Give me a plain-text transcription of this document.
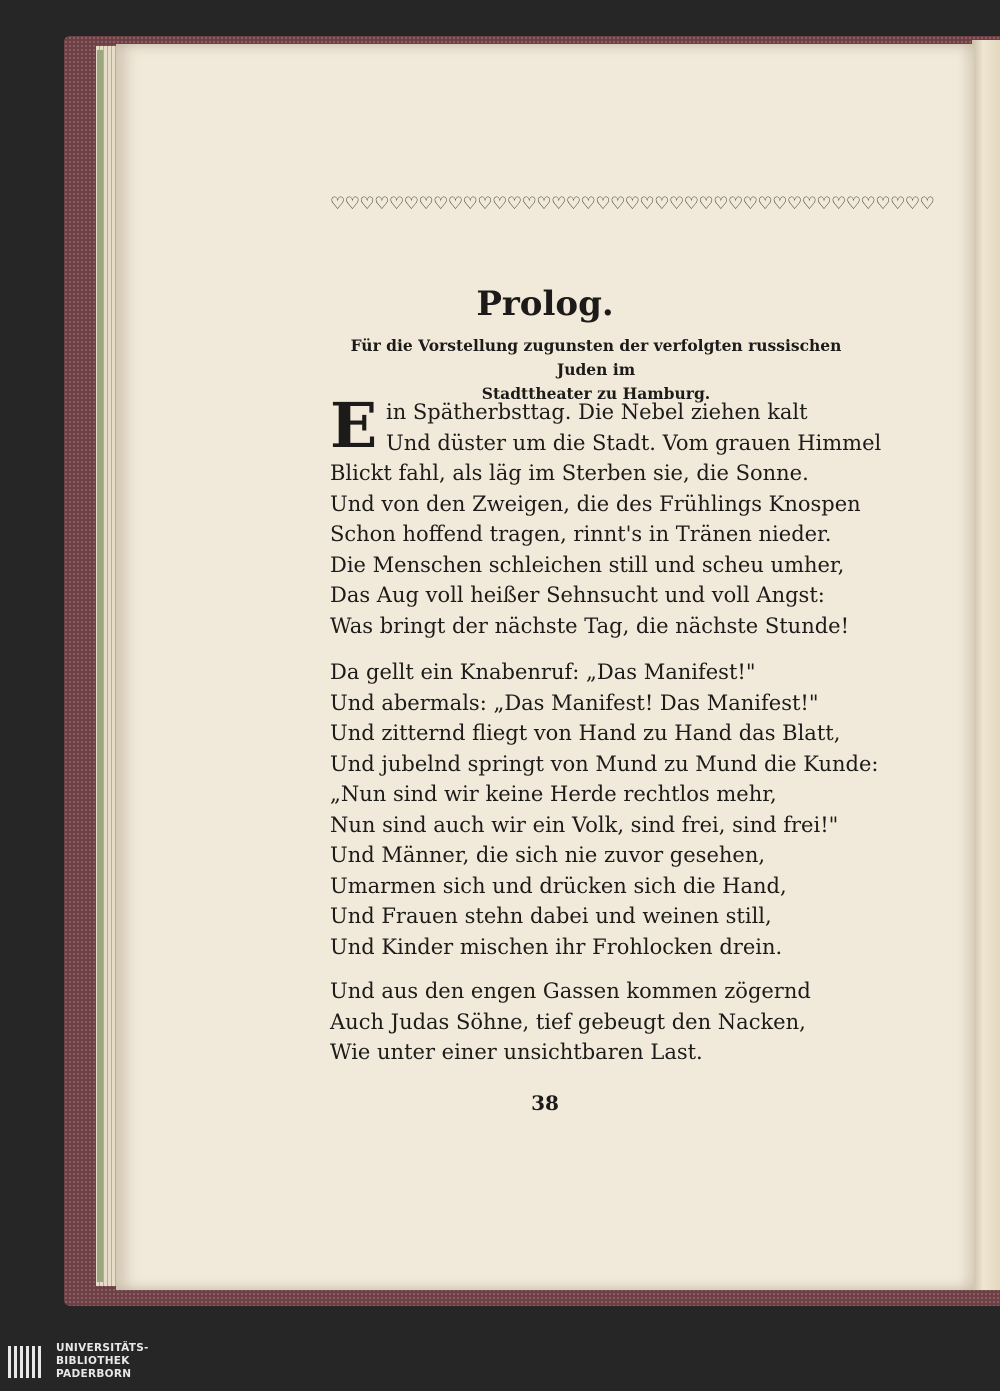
♡♡♡♡♡♡♡♡♡♡♡♡♡♡♡♡♡♡♡♡♡♡♡♡♡♡♡♡♡♡♡♡♡♡♡♡♡♡♡♡♡
Prolog.
Für die Vorstellung zugunsten der verfolgten russischen Juden im
Stadttheater zu Hamburg.
E in Spätherbsttag. Die Nebel ziehen kalt
Und düster um die Stadt. Vom grauen Himmel
Blickt fahl, als läg im Sterben sie, die Sonne.
Und von den Zweigen, die des Frühlings Knospen
Schon hoffend tragen, rinnt's in Tränen nieder.
Die Menschen schleichen still und scheu umher,
Das Aug voll heißer Sehnsucht und voll Angst:
Was bringt der nächste Tag, die nächste Stunde!
Da gellt ein Knabenruf: „Das Manifest!"
Und abermals: „Das Manifest! Das Manifest!"
Und zitternd fliegt von Hand zu Hand das Blatt,
Und jubelnd springt von Mund zu Mund die Kunde:
„Nun sind wir keine Herde rechtlos mehr,
Nun sind auch wir ein Volk, sind frei, sind frei!"
Und Männer, die sich nie zuvor gesehen,
Umarmen sich und drücken sich die Hand,
Und Frauen stehn dabei und weinen still,
Und Kinder mischen ihr Frohlocken drein.
Und aus den engen Gassen kommen zögernd
Auch Judas Söhne, tief gebeugt den Nacken,
Wie unter einer unsichtbaren Last.
38
UNIVERSITÄTS-
BIBLIOTHEK
PADERBORN
